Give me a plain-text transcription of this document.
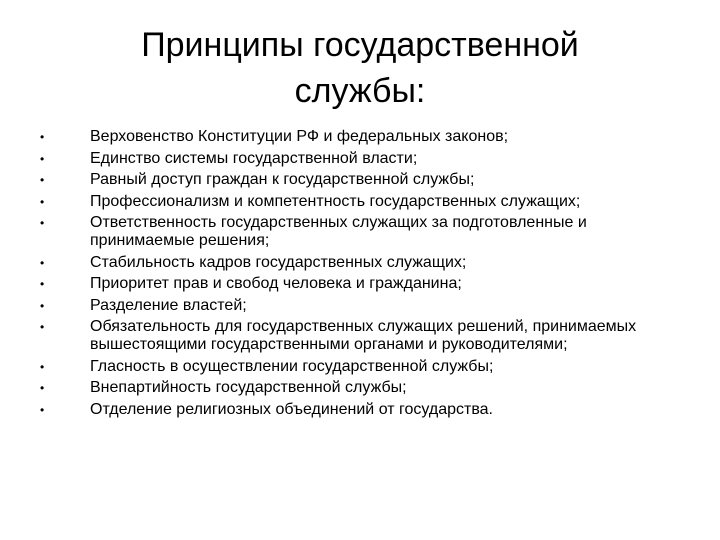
Принципы государственной
службы:
•	Верховенство Конституции РФ и федеральных законов;
•	Единство системы государственной власти;
•	Равный доступ граждан к государственной службы;
•	Профессионализм и компетентность государственных служащих;
•	Ответственность государственных служащих за подготовленные и принимаемые решения;
•	Стабильность кадров государственных служащих;
•	Приоритет прав и свобод человека и гражданина;
•	Разделение властей;
•	Обязательность для государственных служащих решений, принимаемых вышестоящими государственными органами и руководителями;
•	Гласность в осуществлении государственной службы;
•	Внепартийность государственной службы;
•	Отделение религиозных объединений от государства.
